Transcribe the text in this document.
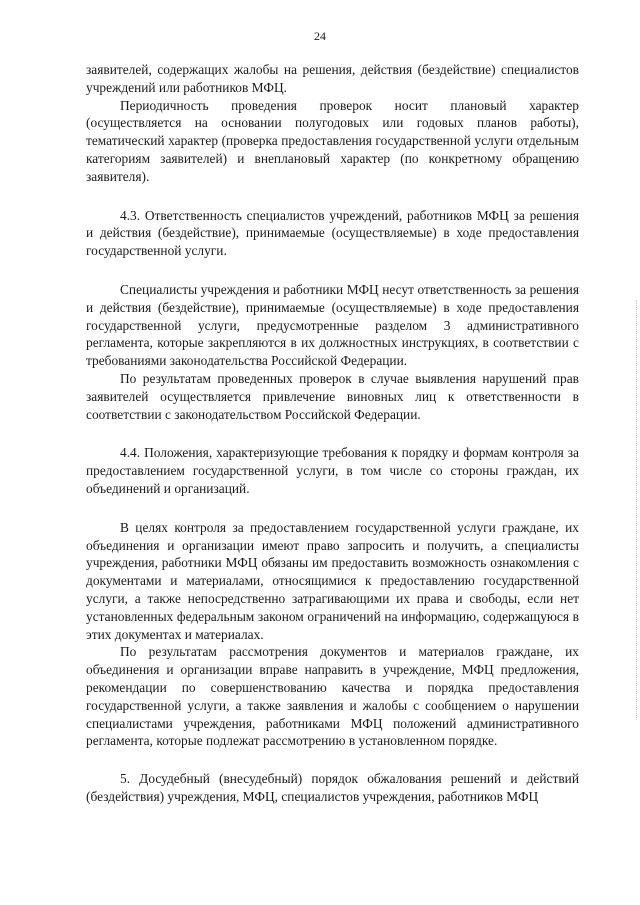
24

заявителей, содержащих жалобы на решения, действия (бездействие) специалистов учреждений или работников МФЦ.

Периодичность проведения проверок носит плановый характер (осуществляется на основании полугодовых или годовых планов работы), тематический характер (проверка предоставления государственной услуги отдельным категориям заявителей) и внеплановый характер (по конкретному обращению заявителя).

4.3. Ответственность специалистов учреждений, работников МФЦ за решения и действия (бездействие), принимаемые (осуществляемые) в ходе предоставления государственной услуги.

Специалисты учреждения и работники МФЦ несут ответственность за решения и действия (бездействие), принимаемые (осуществляемые) в ходе предоставления государственной услуги, предусмотренные разделом 3 административного регламента, которые закрепляются в их должностных инструкциях, в соответствии с требованиями законодательства Российской Федерации.

По результатам проведенных проверок в случае выявления нарушений прав заявителей осуществляется привлечение виновных лиц к ответственности в соответствии с законодательством Российской Федерации.

4.4. Положения, характеризующие требования к порядку и формам контроля за предоставлением государственной услуги, в том числе со стороны граждан, их объединений и организаций.

В целях контроля за предоставлением государственной услуги граждане, их объединения и организации имеют право запросить и получить, а специалисты учреждения, работники МФЦ обязаны им предоставить возможность ознакомления с документами и материалами, относящимися к предоставлению государственной услуги, а также непосредственно затрагивающими их права и свободы, если нет установленных федеральным законом ограничений на информацию, содержащуюся в этих документах и материалах.

По результатам рассмотрения документов и материалов граждане, их объединения и организации вправе направить в учреждение, МФЦ предложения, рекомендации по совершенствованию качества и порядка предоставления государственной услуги, а также заявления и жалобы с сообщением о нарушении специалистами учреждения, работниками МФЦ положений административного регламента, которые подлежат рассмотрению в установленном порядке.

5. Досудебный (внесудебный) порядок обжалования решений и действий (бездействия) учреждения, МФЦ, специалистов учреждения, работников МФЦ
